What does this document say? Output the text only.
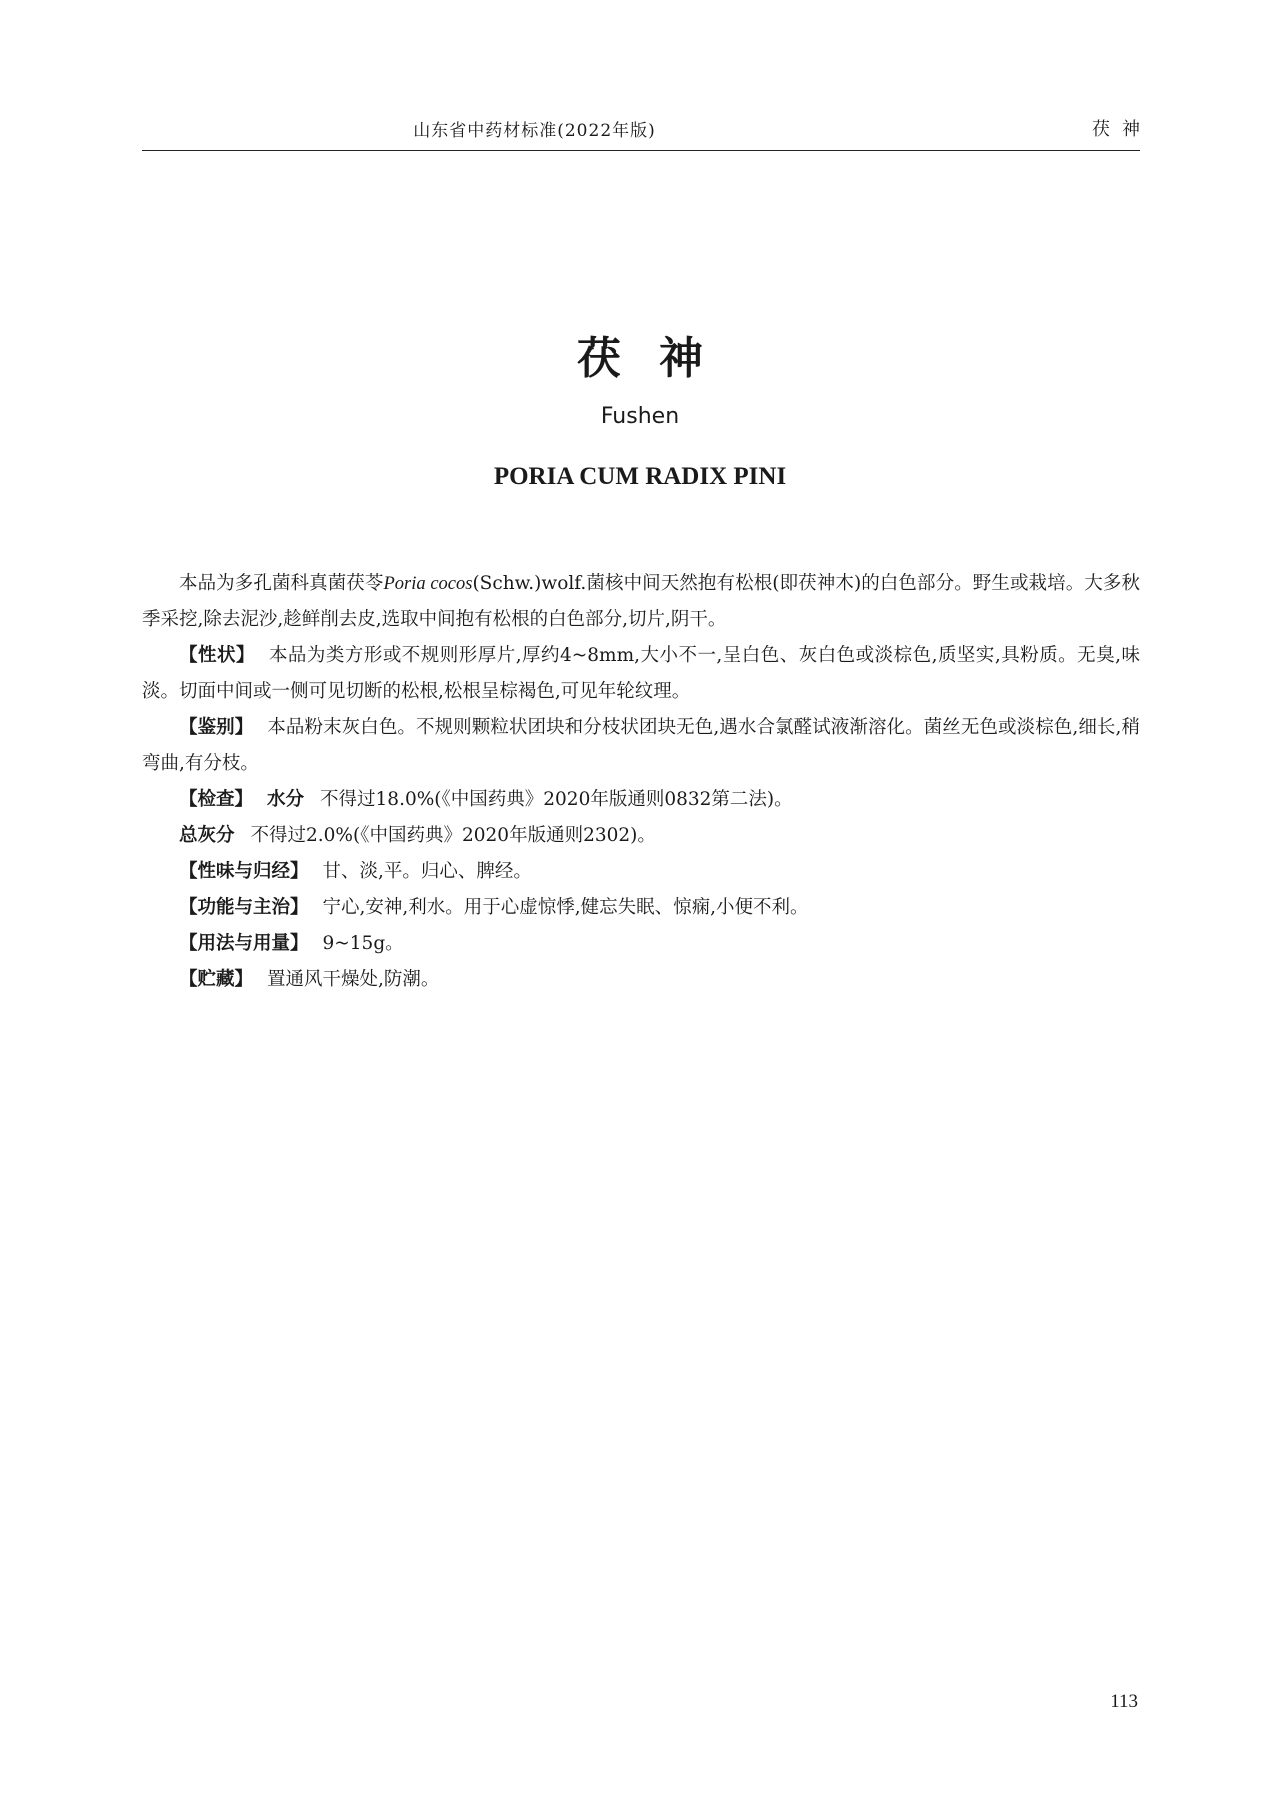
山东省中药材标准(2022年版)	茯神
茯神
Fushen
PORIA CUM RADIX PINI

本品为多孔菌科真菌茯苓Poria cocos(Schw.)wolf.菌核中间天然抱有松根(即茯神木)的白色部分。野生或栽培。大多秋季采挖,除去泥沙,趁鲜削去皮,选取中间抱有松根的白色部分,切片,阴干。

【性状】 本品为类方形或不规则形厚片,厚约4~8mm,大小不一,呈白色、灰白色或淡棕色,质坚实,具粉质。无臭,味淡。切面中间或一侧可见切断的松根,松根呈棕褐色,可见年轮纹理。

【鉴别】 本品粉末灰白色。不规则颗粒状团块和分枝状团块无色,遇水合氯醛试液渐溶化。菌丝无色或淡棕色,细长,稍弯曲,有分枝。

【检查】 水分 不得过18.0%(《中国药典》2020年版通则0832第二法)。

总灰分 不得过2.0%(《中国药典》2020年版通则2302)。

【性味与归经】 甘、淡,平。归心、脾经。

【功能与主治】 宁心,安神,利水。用于心虚惊悸,健忘失眠、惊痫,小便不利。

【用法与用量】 9~15g。

【贮藏】 置通风干燥处,防潮。

113
